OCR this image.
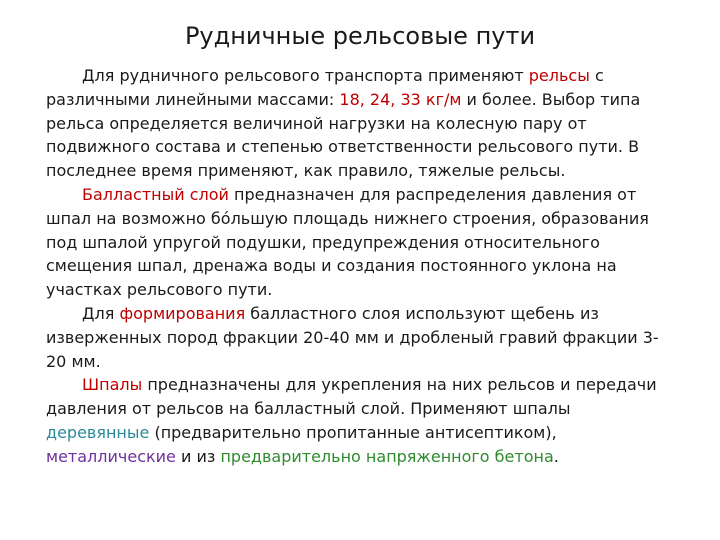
Рудничные рельсовые пути

Для рудничного рельсового транспорта применяют рельсы с различными линейными массами: 18, 24, 33 кг/м и более. Выбор типа рельса определяется величиной нагрузки на колесную пару от подвижного состава и степенью ответственности рельсового пути. В последнее время применяют, как правило, тяжелые рельсы.

Балластный слой предназначен для распределения давления от шпал на возможно бóльшую площадь нижнего строения, образования под шпалой упругой подушки, предупреждения относительного смещения шпал, дренажа воды и создания постоянного уклона на участках рельсового пути.

Для формирования балластного слоя используют щебень из изверженных пород фракции 20-40 мм и дробленый гравий фракции 3-20 мм.

Шпалы предназначены для укрепления на них рельсов и передачи давления от рельсов на балластный слой. Применяют шпалы деревянные (предварительно пропитанные антисептиком), металлические и из предварительно напряженного бетона.
